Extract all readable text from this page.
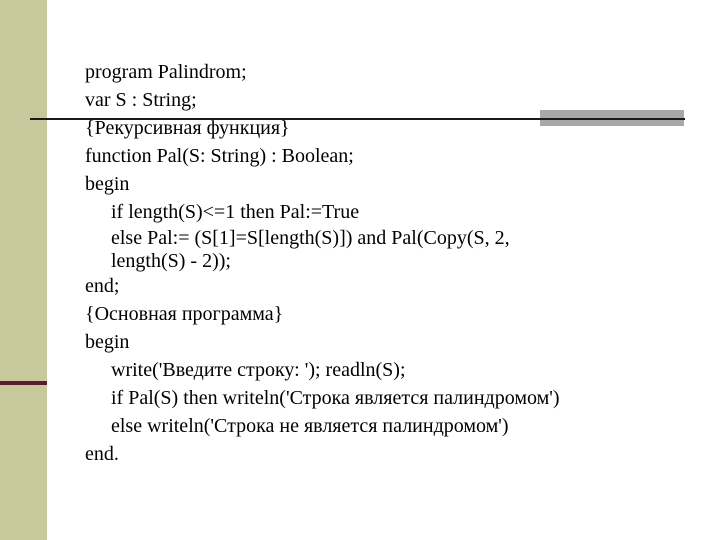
program Palindrom;
var S : String;
{Рекурсивная функция}
function Pal(S: String) : Boolean;
begin
if length(S)<=1 then Pal:=True
else Pal:= (S[1]=S[length(S)]) and Pal(Copy(S, 2,
length(S) - 2));
end;
{Основная программа}
begin
write('Введите строку: '); readln(S);
if Pal(S) then writeln('Строка является палиндромом')
else writeln('Строка не является палиндромом')
end.
